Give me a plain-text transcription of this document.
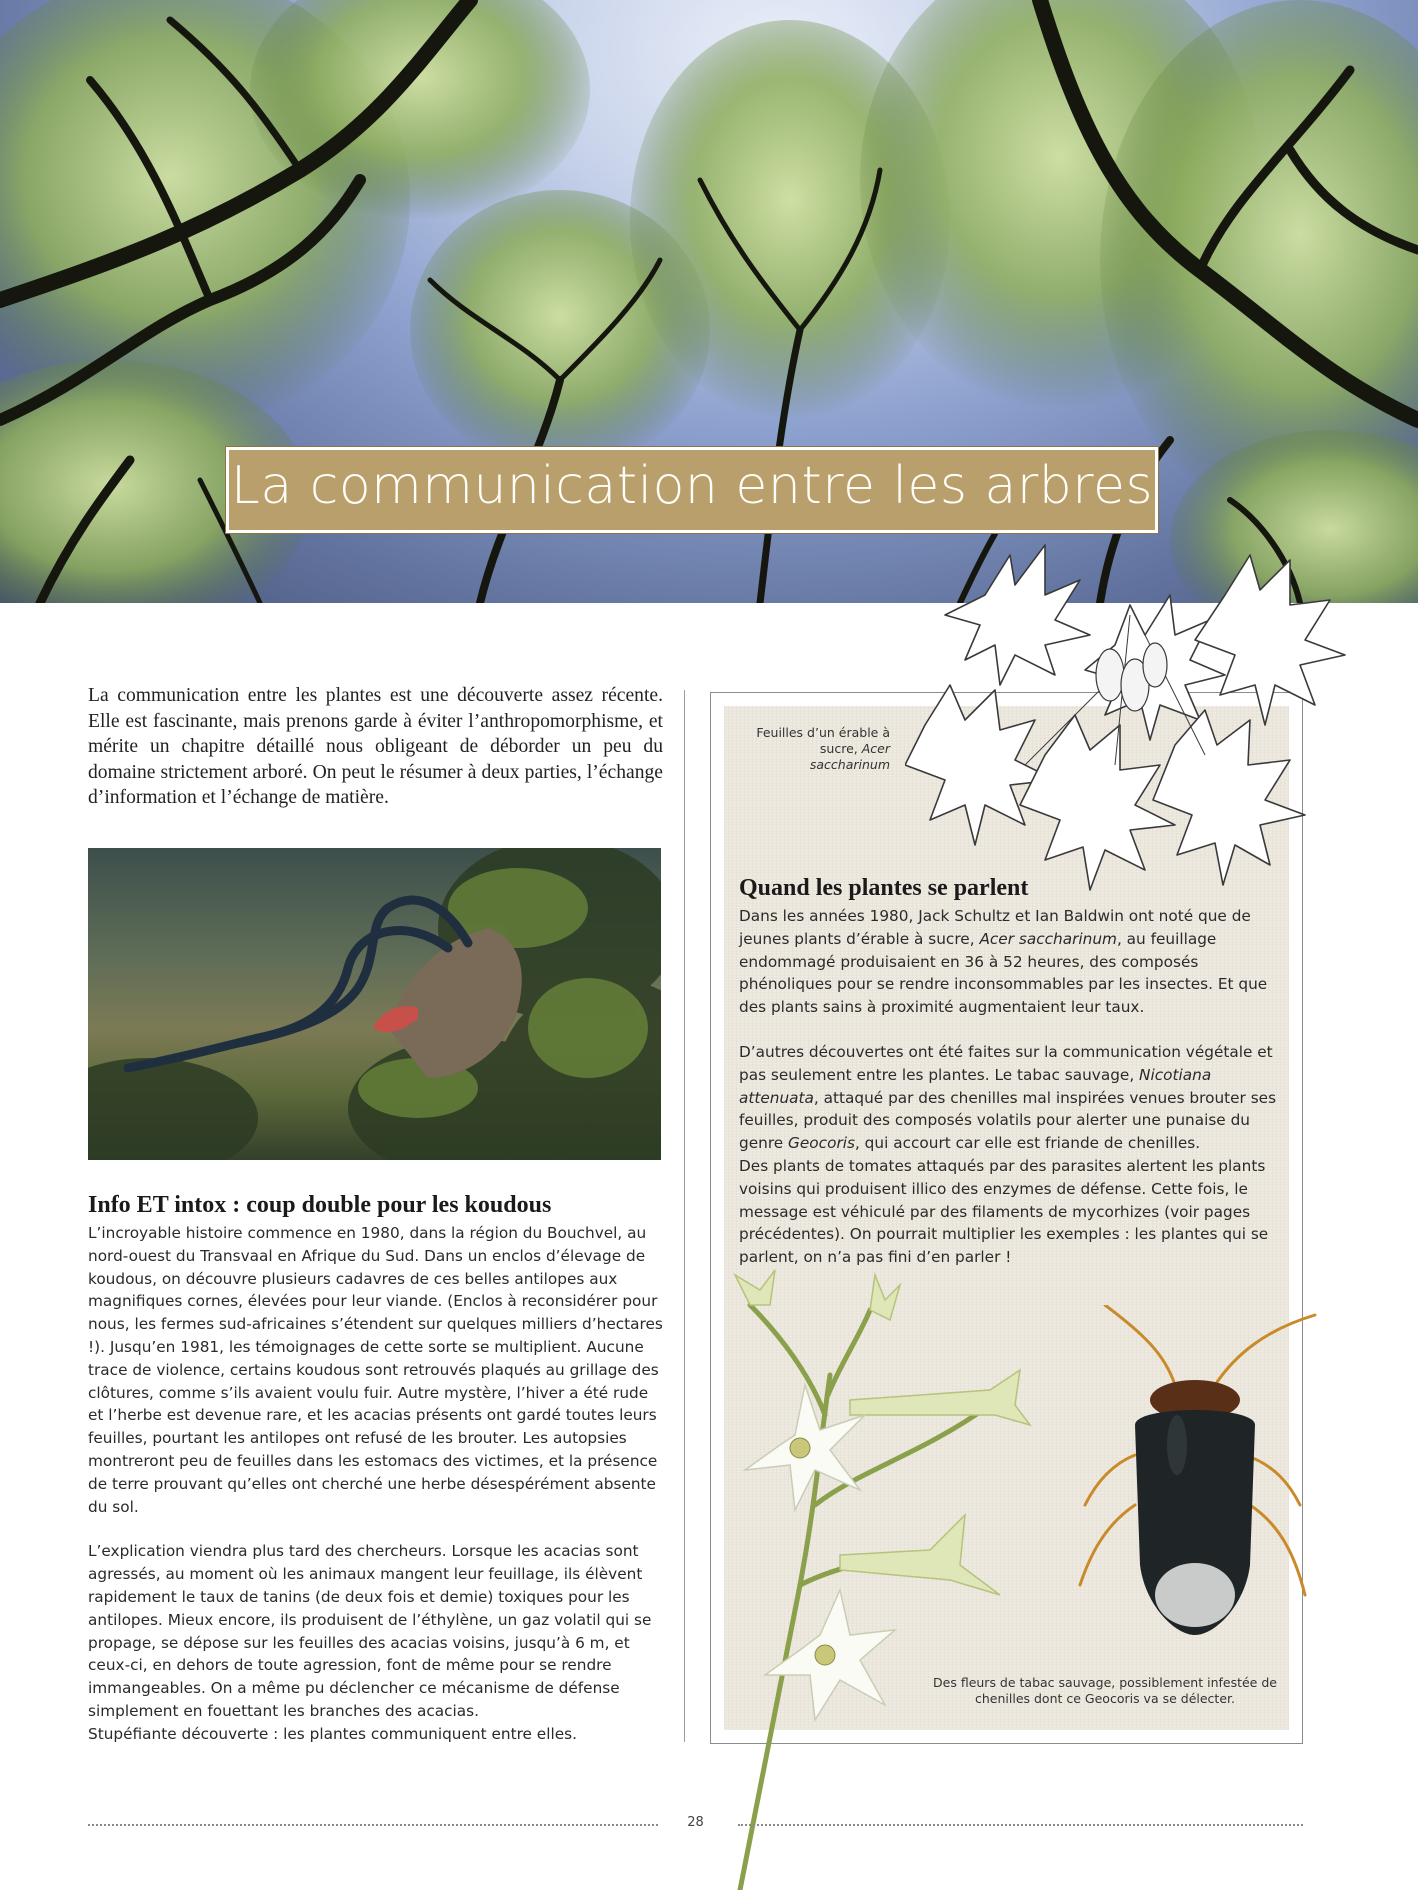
La communication entre les arbres
La communication entre les plantes est une découverte assez récente. Elle est fascinante, mais prenons garde à éviter l’anthropomorphisme, et mérite un chapitre détaillé nous obligeant de déborder un peu du domaine strictement arboré. On peut le résumer à deux parties, l’échange d’information et l’échange de matière.
Info ET intox : coup double pour les koudous

L’incroyable histoire commence en 1980, dans la région du Bouchvel, au nord-ouest du Transvaal en Afrique du Sud. Dans un enclos d’élevage de koudous, on découvre plusieurs cadavres de ces belles antilopes aux magnifiques cornes, élevées pour leur viande. (Enclos à reconsidérer pour nous, les fermes sud-africaines s’étendent sur quelques milliers d’hectares !). Jusqu’en 1981, les témoignages de cette sorte se multiplient. Aucune trace de violence, certains koudous sont retrouvés plaqués au grillage des clôtures, comme s’ils avaient voulu fuir. Autre mystère, l’hiver a été rude et l’herbe est devenue rare, et les acacias présents ont gardé toutes leurs feuilles, pourtant les antilopes ont refusé de les brouter. Les autopsies montreront peu de feuilles dans les estomacs des victimes, et la présence de terre prouvant qu’elles ont cherché une herbe désespérément absente du sol.

L’explication viendra plus tard des chercheurs. Lorsque les acacias sont agressés, au moment où les animaux mangent leur feuillage, ils élèvent rapidement le taux de tanins (de deux fois et demie) toxiques pour les antilopes. Mieux encore, ils produisent de l’éthylène, un gaz volatil qui se propage, se dépose sur les feuilles des acacias voisins, jusqu’à 6 m, et ceux-ci, en dehors de toute agression, font de même pour se rendre immangeables. On a même pu déclencher ce mécanisme de défense simplement en fouettant les branches des acacias.

Stupéfiante découverte : les plantes communiquent entre elles.

Feuilles d’un érable à sucre, Acer saccharinum
Quand les plantes se parlent

Dans les années 1980, Jack Schultz et Ian Baldwin ont noté que de jeunes plants d’érable à sucre, Acer saccharinum, au feuillage endommagé produisaient en 36 à 52 heures, des composés phénoliques pour se rendre inconsommables par les insectes. Et que des plants sains à proximité augmentaient leur taux.

D’autres découvertes ont été faites sur la communication végétale et pas seulement entre les plantes. Le tabac sauvage, Nicotiana attenuata, attaqué par des chenilles mal inspirées venues brouter ses feuilles, produit des composés volatils pour alerter une punaise du genre Geocoris, qui accourt car elle est friande de chenilles.
Des plants de tomates attaqués par des parasites alertent les plants voisins qui produisent illico des enzymes de défense. Cette fois, le message est véhiculé par des filaments de mycorhizes (voir pages précédentes). On pourrait multiplier les exemples : les plantes qui se parlent, on n’a pas fini d’en parler !

Des fleurs de tabac sauvage, possiblement infestée de chenilles dont ce Geocoris va se délecter.
28
